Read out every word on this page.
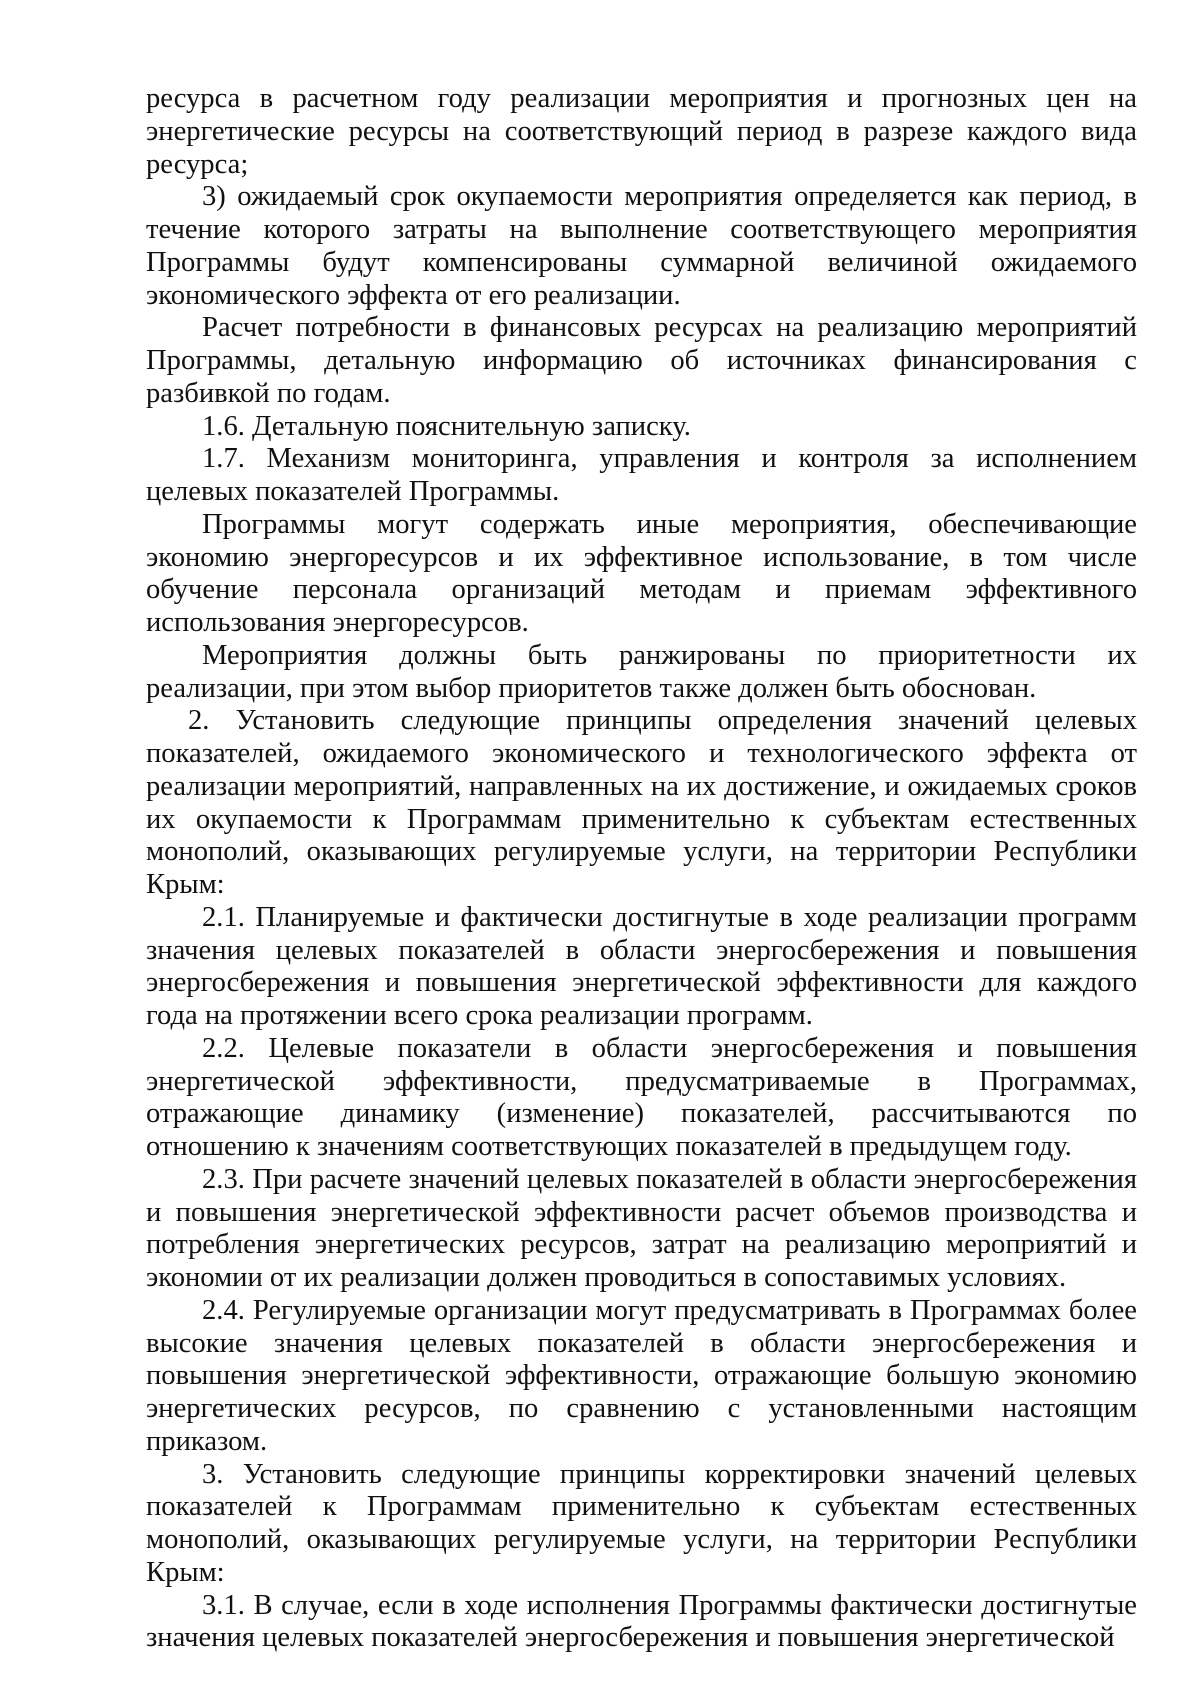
ресурса в расчетном году реализации мероприятия и прогнозных цен на энергетические ресурсы на соответствующий период в разрезе каждого вида ресурса;

3) ожидаемый срок окупаемости мероприятия определяется как период, в течение которого затраты на выполнение соответствующего мероприятия Программы будут компенсированы суммарной величиной ожидаемого экономического эффекта от его реализации.

Расчет потребности в финансовых ресурсах на реализацию мероприятий Программы, детальную информацию об источниках финансирования с разбивкой по годам.

1.6. Детальную пояснительную записку.

1.7. Механизм мониторинга, управления и контроля за исполнением целевых показателей Программы.

Программы могут содержать иные мероприятия, обеспечивающие экономию энергоресурсов и их эффективное использование, в том числе обучение персонала организаций методам и приемам эффективного использования энергоресурсов.

Мероприятия должны быть ранжированы по приоритетности их реализации, при этом выбор приоритетов также должен быть обоснован.

2. Установить следующие принципы определения значений целевых показателей, ожидаемого экономического и технологического эффекта от реализации мероприятий, направленных на их достижение, и ожидаемых сроков их окупаемости к Программам применительно к субъектам естественных монополий, оказывающих регулируемые услуги, на территории Республики Крым:

2.1. Планируемые и фактически достигнутые в ходе реализации программ значения целевых показателей в области энергосбережения и повышения энергосбережения и повышения энергетической эффективности для каждого года на протяжении всего срока реализации программ.

2.2. Целевые показатели в области энергосбережения и повышения энергетической эффективности, предусматриваемые в Программах, отражающие динамику (изменение) показателей, рассчитываются по отношению к значениям соответствующих показателей в предыдущем году.

2.3. При расчете значений целевых показателей в области энергосбережения и повышения энергетической эффективности расчет объемов производства и потребления энергетических ресурсов, затрат на реализацию мероприятий и экономии от их реализации должен проводиться в сопоставимых условиях.

2.4. Регулируемые организации могут предусматривать в Программах более высокие значения целевых показателей в области энергосбережения и повышения энергетической эффективности, отражающие большую экономию энергетических ресурсов, по сравнению с установленными настоящим приказом.

3. Установить следующие принципы корректировки значений целевых показателей к Программам применительно к субъектам естественных монополий, оказывающих регулируемые услуги, на территории Республики Крым:

3.1. В случае, если в ходе исполнения Программы фактически достигнутые значения целевых показателей энергосбережения и повышения энергетической
